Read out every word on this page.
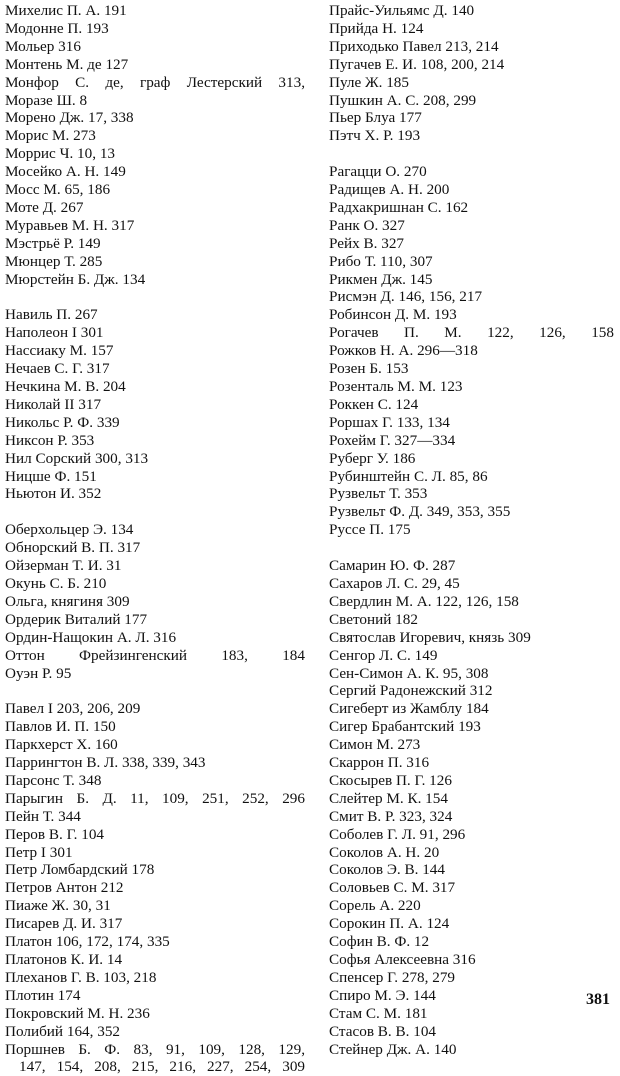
Михелис П. А. 191
Модонне П. 193
Мольер 316
Монтень М. де 127
Монфор С. де, граф Лестерский 313,
Моразе Ш. 8
Морено Дж. 17, 338
Морис М. 273
Моррис Ч. 10, 13
Мосейко А. Н. 149
Мосс М. 65, 186
Моте Д. 267
Муравьев М. Н. 317
Мэстрьё Р. 149
Мюнцер Т. 285
Мюрстейн Б. Дж. 134
Навиль П. 267
Наполеон I 301
Нассиаку М. 157
Нечаев С. Г. 317
Нечкина М. В. 204
Николай II 317
Никольс Р. Ф. 339
Никсон Р. 353
Нил Сорский 300, 313
Ницше Ф. 151
Ньютон И. 352
Оберхольцер Э. 134
Обнорский В. П. 317
Ойзерман Т. И. 31
Окунь С. Б. 210
Ольга, княгиня 309
Ордерик Виталий 177
Ордин-Нащокин А. Л. 316
Оттон Фрейзингенский 183, 184
Оуэн Р. 95
Павел I 203, 206, 209
Павлов И. П. 150
Паркхерст Х. 160
Паррингтон В. Л. 338, 339, 343
Парсонс Т. 348
Парыгин Б. Д. 11, 109, 251, 252, 296
Пейн Т. 344
Перов В. Г. 104
Петр I 301
Петр Ломбардский 178
Петров Антон 212
Пиаже Ж. 30, 31
Писарев Д. И. 317
Платон 106, 172, 174, 335
Платонов К. И. 14
Плеханов Г. В. 103, 218
Плотин 174
Покровский М. Н. 236
Полибий 164, 352
Поршнев Б. Ф. 83, 91, 109, 128, 129,
147, 154, 208, 215, 216, 227, 254, 309
Прайс-Уильямс Д. 140
Прийда Н. 124
Приходько Павел 213, 214
Пугачев Е. И. 108, 200, 214
Пуле Ж. 185
Пушкин А. С. 208, 299
Пьер Блуа 177
Пэтч Х. Р. 193
Рагацци О. 270
Радищев А. Н. 200
Радхакришнан С. 162
Ранк О. 327
Рейх В. 327
Рибо Т. 110, 307
Рикмен Дж. 145
Рисмэн Д. 146, 156, 217
Робинсон Д. М. 193
Рогачев П. М. 122, 126, 158
Рожков Н. А. 296—318
Розен Б. 153
Розенталь М. М. 123
Роккен С. 124
Роршах Г. 133, 134
Рохейм Г. 327—334
Руберг У. 186
Рубинштейн С. Л. 85, 86
Рузвельт Т. 353
Рузвельт Ф. Д. 349, 353, 355
Руссе П. 175
Самарин Ю. Ф. 287
Сахаров Л. С. 29, 45
Свердлин М. А. 122, 126, 158
Светоний 182
Святослав Игоревич, князь 309
Сенгор Л. С. 149
Сен-Симон А. К. 95, 308
Сергий Радонежский 312
Сигеберт из Жамблу 184
Сигер Брабантский 193
Симон М. 273
Скаррон П. 316
Скосырев П. Г. 126
Слейтер М. К. 154
Смит В. Р. 323, 324
Соболев Г. Л. 91, 296
Соколов А. Н. 20
Соколов Э. В. 144
Соловьев С. М. 317
Сорель А. 220
Сорокин П. А. 124
Софин В. Ф. 12
Софья Алексеевна 316
Спенсер Г. 278, 279
Спиро М. Э. 144
Стам С. М. 181
Стасов В. В. 104
Стейнер Дж. А. 140
381
